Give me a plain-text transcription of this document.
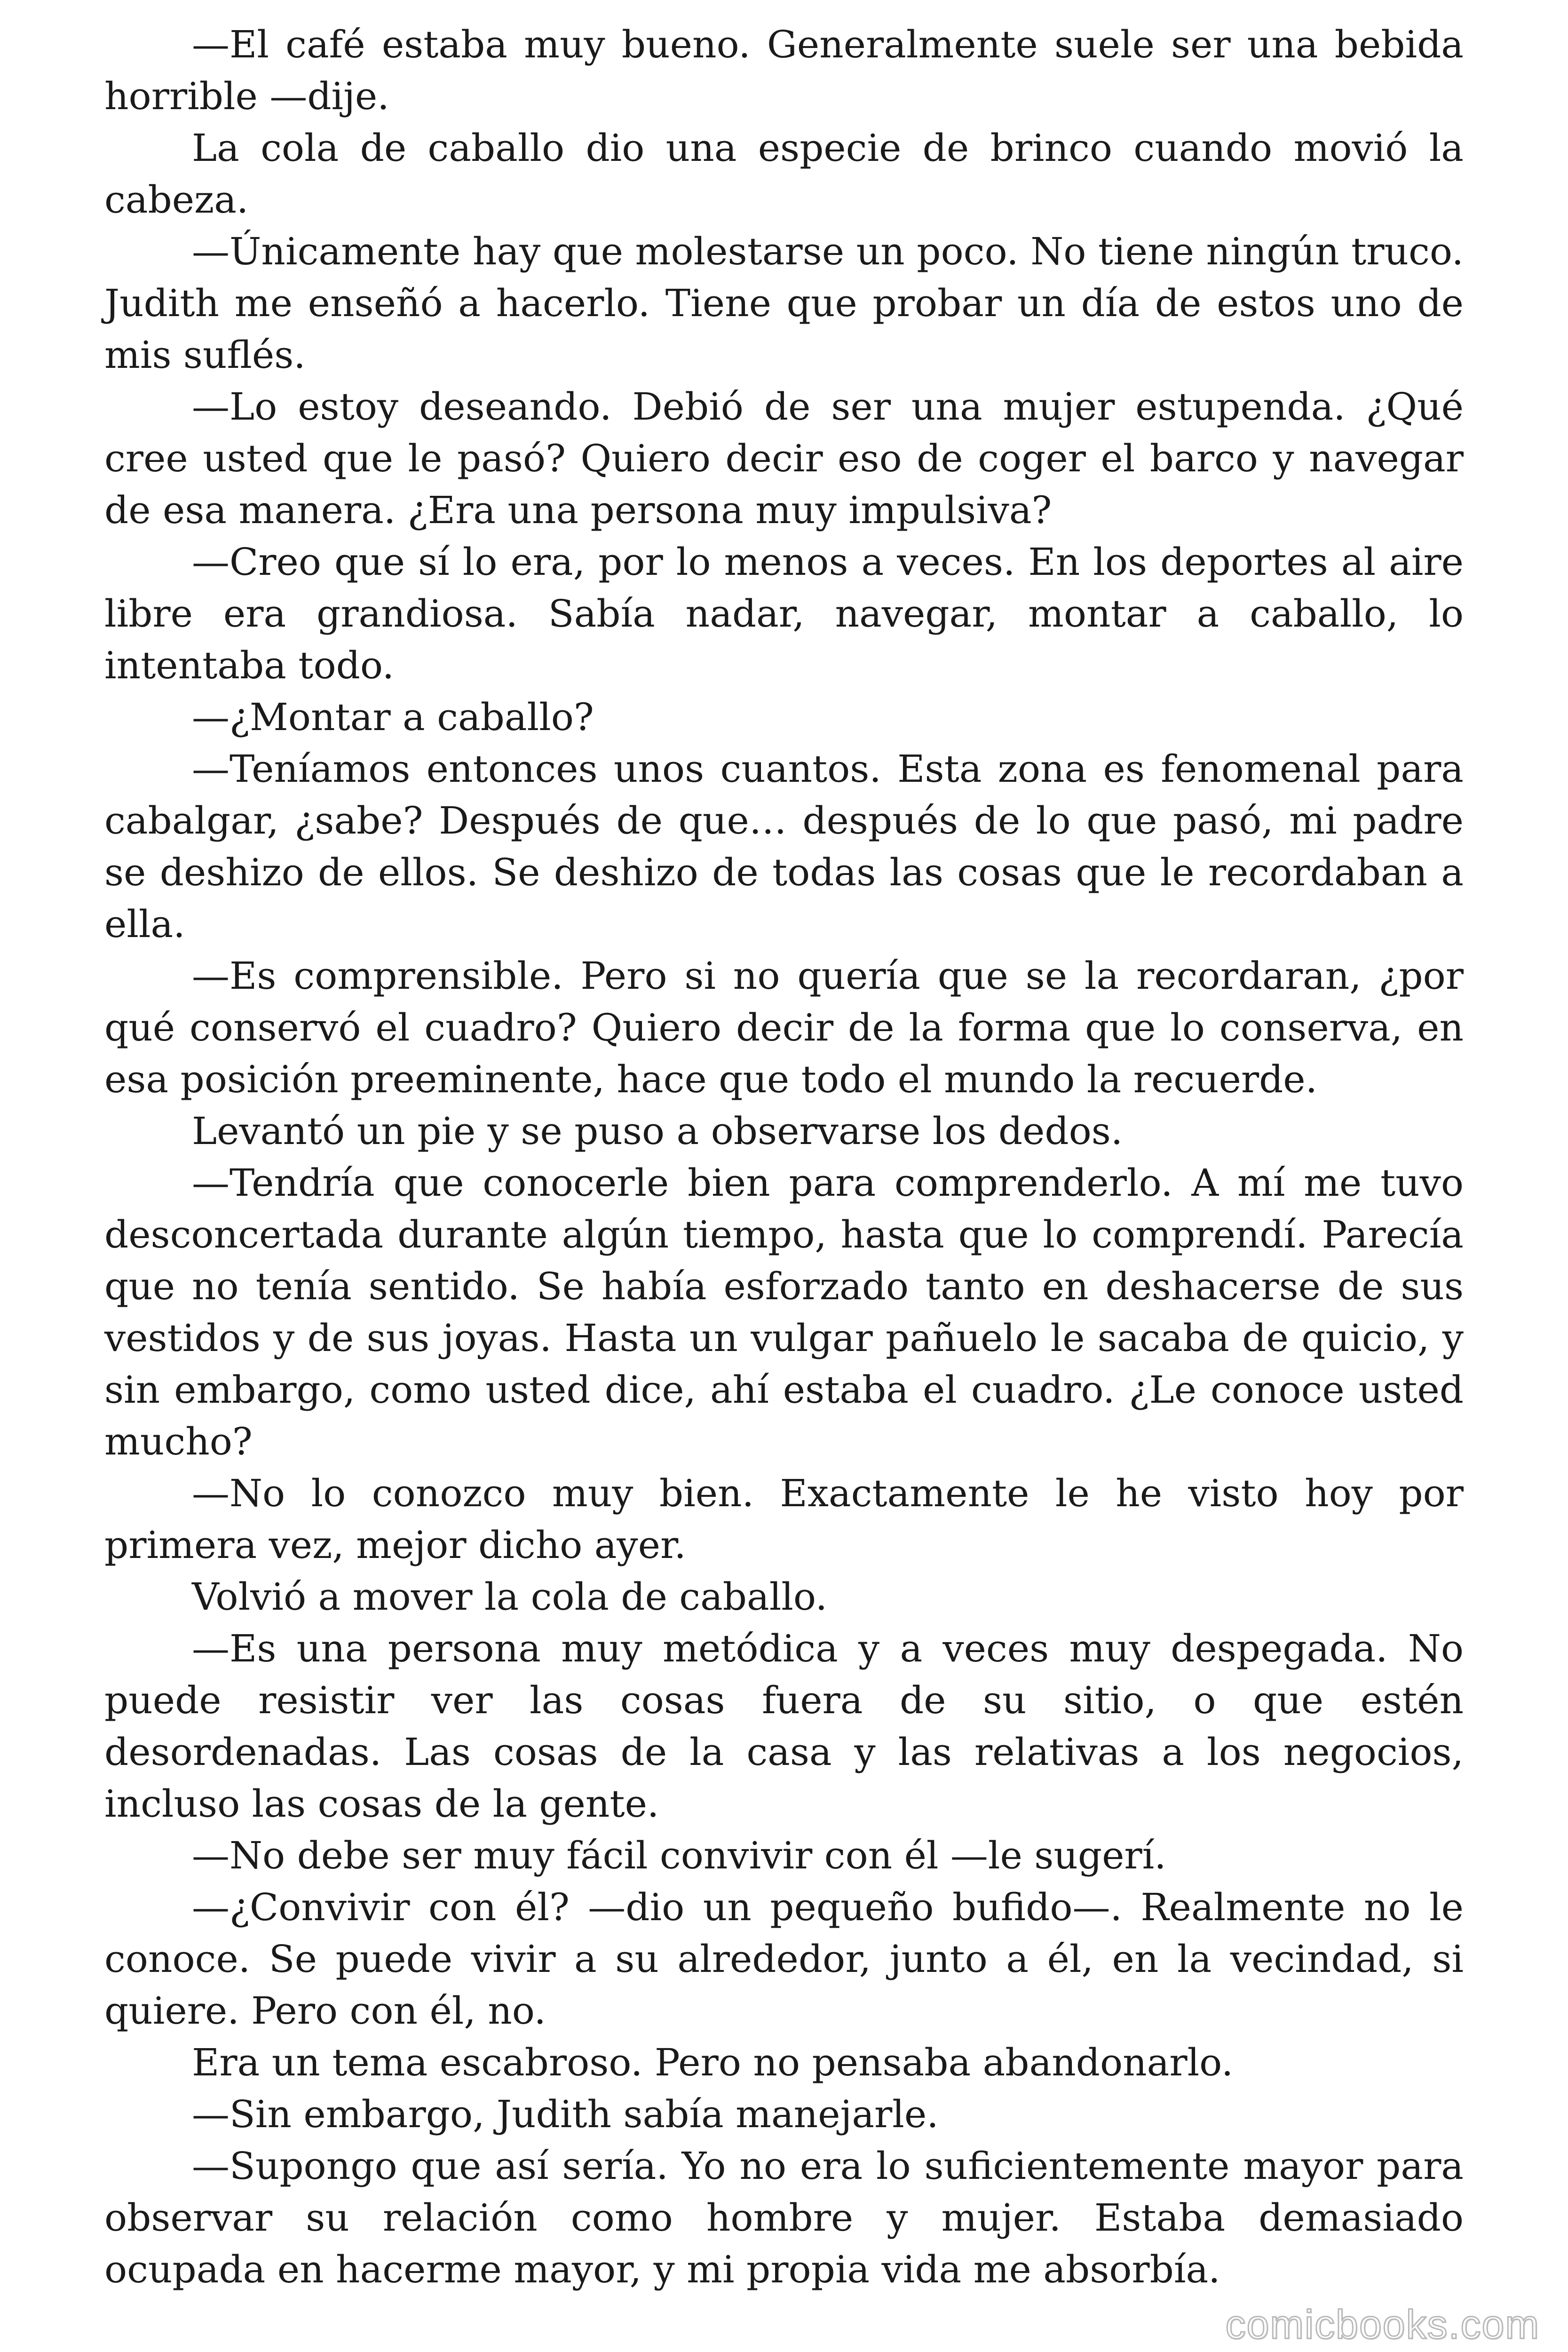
—El café estaba muy bueno. Generalmente suele ser una bebida horrible —dije.

La cola de caballo dio una especie de brinco cuando movió la cabeza.

—Únicamente hay que molestarse un poco. No tiene ningún truco. Judith me enseñó a hacerlo. Tiene que probar un día de estos uno de mis suflés.

—Lo estoy deseando. Debió de ser una mujer estupenda. ¿Qué cree usted que le pasó? Quiero decir eso de coger el barco y navegar de esa manera. ¿Era una persona muy impulsiva?

—Creo que sí lo era, por lo menos a veces. En los deportes al aire libre era grandiosa. Sabía nadar, navegar, montar a caballo, lo intentaba todo.

—¿Montar a caballo?

—Teníamos entonces unos cuantos. Esta zona es fenomenal para cabalgar, ¿sabe? Después de que… después de lo que pasó, mi padre se deshizo de ellos. Se deshizo de todas las cosas que le recordaban a ella.

—Es comprensible. Pero si no quería que se la recordaran, ¿por qué conservó el cuadro? Quiero decir de la forma que lo conserva, en esa posición preeminente, hace que todo el mundo la recuerde.

Levantó un pie y se puso a observarse los dedos.

—Tendría que conocerle bien para comprenderlo. A mí me tuvo desconcertada durante algún tiempo, hasta que lo comprendí. Parecía que no tenía sentido. Se había esforzado tanto en deshacerse de sus vestidos y de sus joyas. Hasta un vulgar pañuelo le sacaba de quicio, y sin embargo, como usted dice, ahí estaba el cuadro. ¿Le conoce usted mucho?

—No lo conozco muy bien. Exactamente le he visto hoy por primera vez, mejor dicho ayer.

Volvió a mover la cola de caballo.

—Es una persona muy metódica y a veces muy despegada. No puede resistir ver las cosas fuera de su sitio, o que estén desordenadas. Las cosas de la casa y las relativas a los negocios, incluso las cosas de la gente.

—No debe ser muy fácil convivir con él —le sugerí.

—¿Convivir con él? —dio un pequeño bufido—. Realmente no le conoce. Se puede vivir a su alrededor, junto a él, en la vecindad, si quiere. Pero con él, no.

Era un tema escabroso. Pero no pensaba abandonarlo.

—Sin embargo, Judith sabía manejarle.

—Supongo que así sería. Yo no era lo suficientemente mayor para observar su relación como hombre y mujer. Estaba demasiado ocupada en hacerme mayor, y mi propia vida me absorbía.

comicbooks.com
